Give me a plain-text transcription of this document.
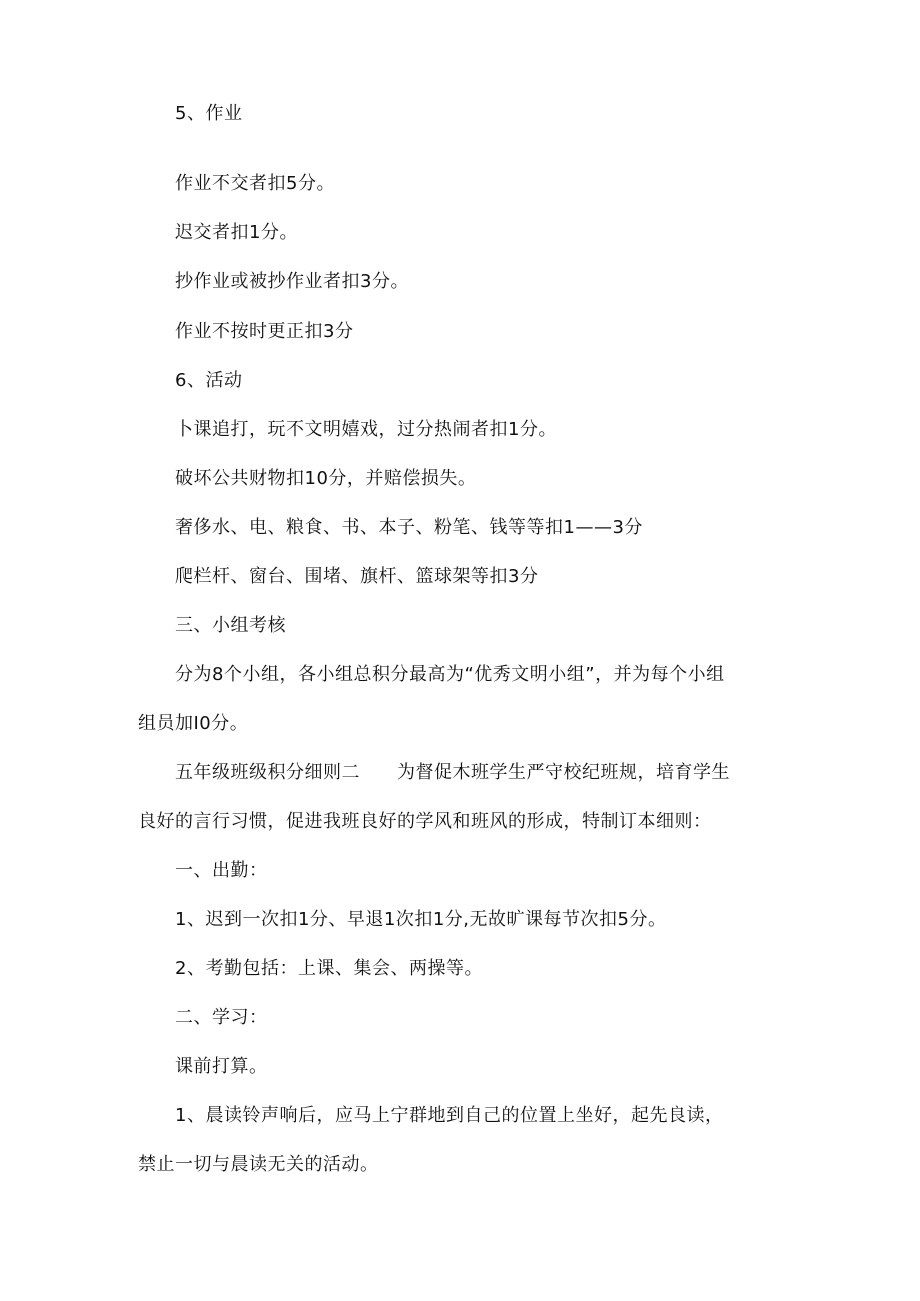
5、作业
作业不交者扣5分。
迟交者扣1分。
抄作业或被抄作业者扣3分。
作业不按时更正扣3分
6、活动
卜课追打，玩不文明嬉戏，过分热闹者扣1分。
破坏公共财物扣10分，并赔偿损失。
奢侈水、电、粮食、书、本子、粉笔、钱等等扣1——3分
爬栏杆、窗台、围堵、旗杆、篮球架等扣3分
三、小组考核
分为8个小组，各小组总积分最高为“优秀文明小组”，并为每个小组
组员加I0分。
五年级班级积分细则二　　为督促木班学生严守校纪班规，培育学生
良好的言行习惯，促进我班良好的学风和班风的形成，特制订本细则：
一、出勤：
1、迟到一次扣1分、早退1次扣1分,无故旷课每节次扣5分。
2、考勤包括：上课、集会、两操等。
二、学习：
课前打算。
1、晨读铃声响后，应马上宁群地到自己的位置上坐好，起先良读，
禁止一切与晨读无关的活动。
